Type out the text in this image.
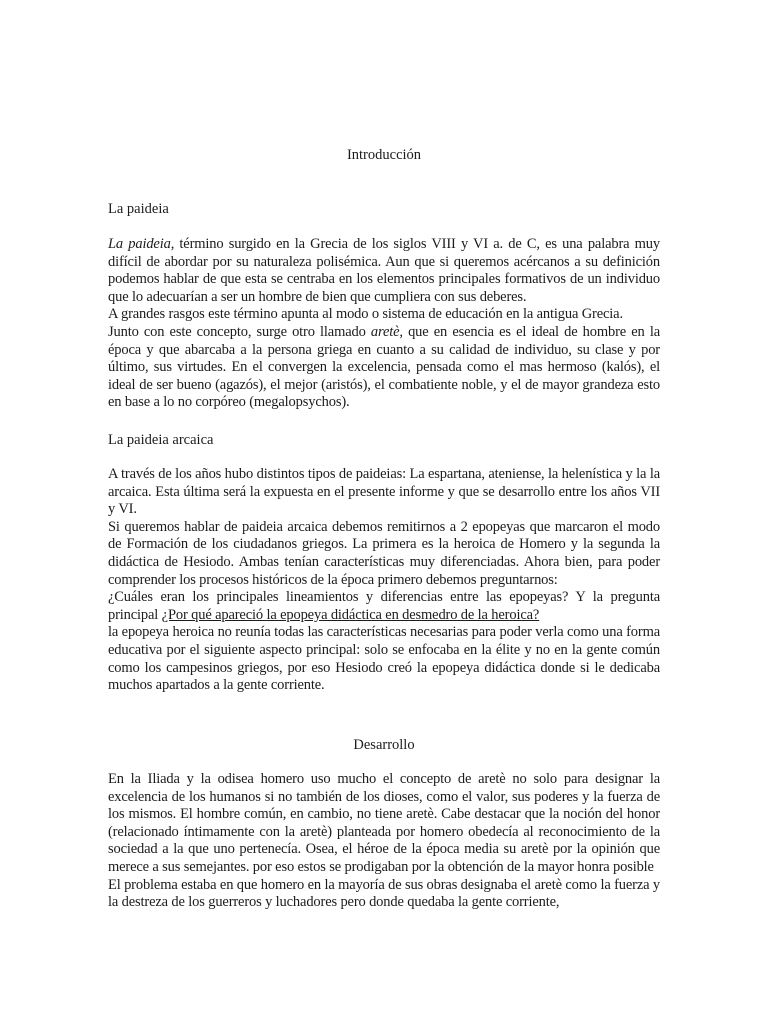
Introducción
La paideia

La paideia, término surgido en la Grecia de los siglos VIII y VI a. de C, es una palabra muy difícil de abordar por su naturaleza polisémica. Aun que si queremos acércanos a su definición podemos hablar de que esta se centraba en los elementos principales formativos de un individuo que lo adecuarían a ser un hombre de bien que cumpliera con sus deberes.

A grandes rasgos este término apunta al modo o sistema de educación en la antigua Grecia.

Junto con este concepto, surge otro llamado aretè, que en esencia es el ideal de hombre en la época y que abarcaba a la persona griega en cuanto a su calidad de individuo, su clase y por último, sus virtudes. En el convergen la excelencia, pensada como el mas hermoso (kalós), el ideal de ser bueno (agazós), el mejor (aristós), el combatiente noble, y el de mayor grandeza esto en base a lo no corpóreo (megalopsychos).

La paideia arcaica

A través de los años hubo distintos tipos de paideias: La espartana, ateniense, la helenística y la la arcaica. Esta última será la expuesta en el presente informe y que se desarrollo entre los años VII y VI.

Si queremos hablar de paideia arcaica debemos remitirnos a 2 epopeyas que marcaron el modo de Formación de los ciudadanos griegos. La primera es la heroica de Homero y la segunda la didáctica de Hesiodo. Ambas tenían características muy diferenciadas. Ahora bien, para poder comprender los procesos históricos de la época primero debemos preguntarnos:

¿Cuáles eran los principales lineamientos y diferencias entre las epopeyas? Y la pregunta principal ¿Por qué apareció la epopeya didáctica en desmedro de la heroica?

la epopeya heroica no reunía todas las características necesarias para poder verla como una forma educativa por el siguiente aspecto principal: solo se enfocaba en la élite y no en la gente común como los campesinos griegos, por eso Hesiodo creó la epopeya didáctica donde si le dedicaba muchos apartados a la gente corriente.

Desarrollo

En la Iliada y la odisea homero uso mucho el concepto de aretè no solo para designar la excelencia de los humanos si no también de los dioses, como el valor, sus poderes y la fuerza de los mismos. El hombre común, en cambio, no tiene aretè. Cabe destacar que la noción del honor (relacionado íntimamente con la aretè) planteada por homero obedecía al reconocimiento de la sociedad a la que uno pertenecía. Osea, el héroe de la época media su aretè por la opinión que merece a sus semejantes. por eso estos se prodigaban por la obtención de la mayor honra posible

El problema estaba en que homero en la mayoría de sus obras designaba el aretè como la fuerza y la destreza de los guerreros y luchadores pero donde quedaba la gente corriente,
